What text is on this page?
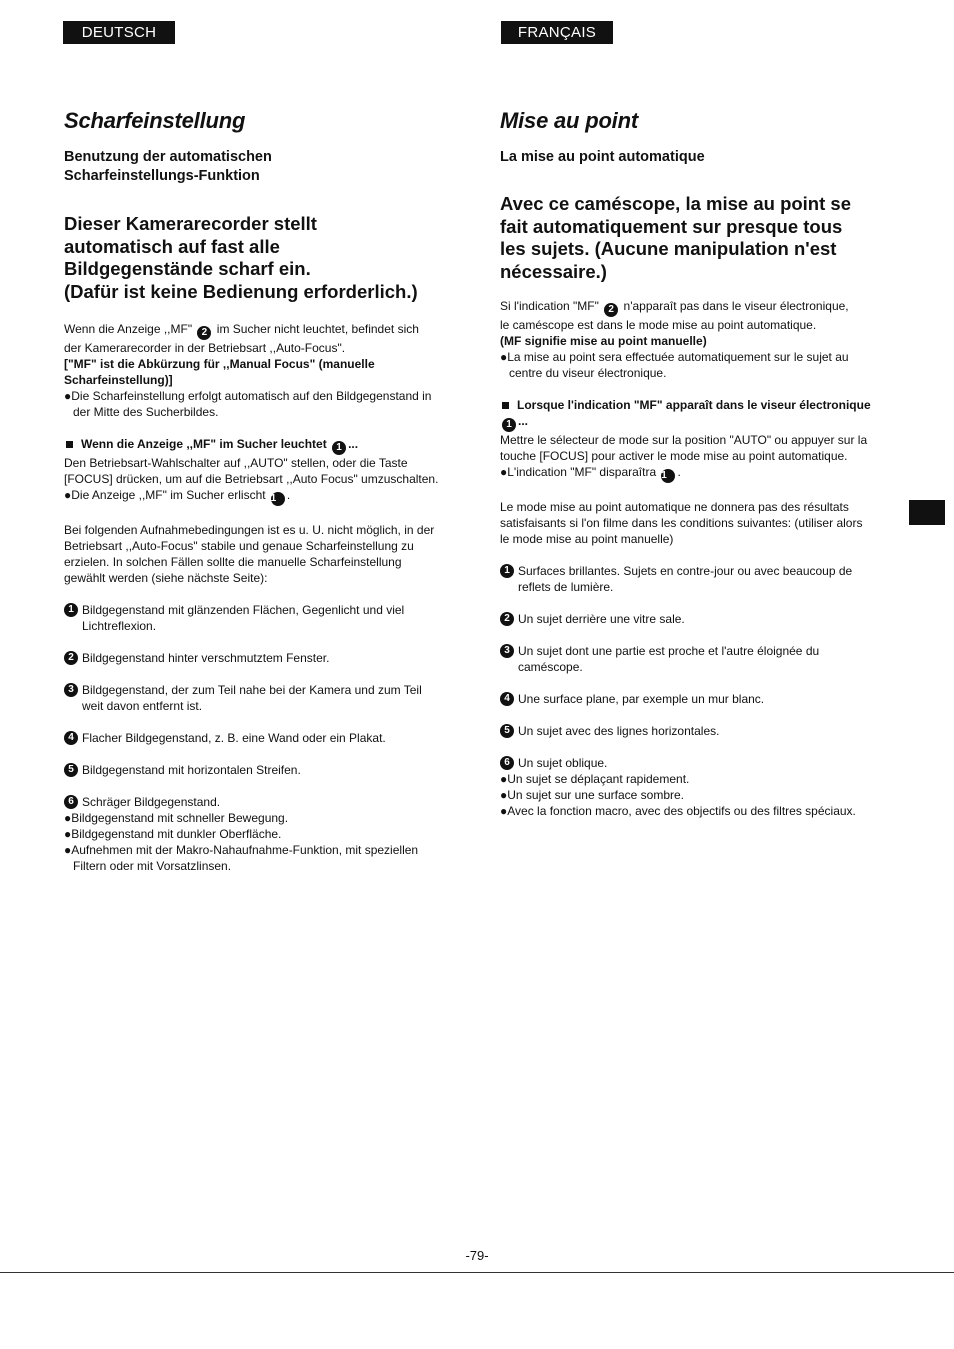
DEUTSCH	FRANÇAIS
Scharfeinstellung
Benutzung der automatischen
Scharfeinstellungs-Funktion

Dieser Kamerarecorder stellt

automatisch auf fast alle

Bildgegenstände scharf ein.

(Dafür ist keine Bedienung erforderlich.)

Wenn die Anzeige ,,MF" 2 im Sucher nicht leuchtet, befindet sich

der Kamerarecorder in der Betriebsart ,,Auto-Focus".

["MF" ist die Abkürzung für ,,Manual Focus" (manuelle Scharfeinstellung)]

●Die Scharfeinstellung erfolgt automatisch auf den Bildgegenstand in der Mitte des Sucherbildes.

Wenn die Anzeige ,,MF" im Sucher leuchtet 1 ...

Den Betriebsart-Wahlschalter auf ,,AUTO" stellen, oder die Taste [FOCUS] drücken, um auf die Betriebsart ,,Auto Focus" umzuschalten.

●Die Anzeige ,,MF" im Sucher erlischt 1 .

Bei folgenden Aufnahmebedingungen ist es u. U. nicht möglich, in der Betriebsart ,,Auto-Focus" stabile und genaue Scharfeinstellung zu erzielen. In solchen Fällen sollte die manuelle Scharfeinstellung gewählt werden (siehe nächste Seite):

1 Bildgegenstand mit glänzenden Flächen, Gegenlicht und viel Lichtreflexion.
2 Bildgegenstand hinter verschmutztem Fenster.
3 Bildgegenstand, der zum Teil nahe bei der Kamera und zum Teil weit davon entfernt ist.
4 Flacher Bildgegenstand, z. B. eine Wand oder ein Plakat.
5 Bildgegenstand mit horizontalen Streifen.
6 Schräger Bildgegenstand.

●Bildgegenstand mit schneller Bewegung.

●Bildgegenstand mit dunkler Oberfläche.

●Aufnehmen mit der Makro-Nahaufnahme-Funktion, mit speziellen Filtern oder mit Vorsatzlinsen.

Mise au point
La mise au point automatique

Avec ce caméscope, la mise au point se

fait automatiquement sur presque tous

les sujets. (Aucune manipulation n'est

nécessaire.)

Si l'indication "MF" 2 n'apparaît pas dans le viseur électronique,

le caméscope est dans le mode mise au point automatique.

(MF signifie mise au point manuelle)

●La mise au point sera effectuée automatiquement sur le sujet au centre du viseur électronique.

Lorsque l'indication "MF" apparaît dans le viseur électronique 1 ...

Mettre le sélecteur de mode sur la position "AUTO" ou appuyer sur la touche [FOCUS] pour activer le mode mise au point automatique.

●L'indication "MF" disparaîtra 1 .

Le mode mise au point automatique ne donnera pas des résultats satisfaisants si l'on filme dans les conditions suivantes: (utiliser alors le mode mise au point manuelle)

1 Surfaces brillantes. Sujets en contre-jour ou avec beaucoup de reflets de lumière.
2 Un sujet derrière une vitre sale.
3 Un sujet dont une partie est proche et l'autre éloignée du caméscope.
4 Une surface plane, par exemple un mur blanc.
5 Un sujet avec des lignes horizontales.
6 Un sujet oblique.

●Un sujet se déplaçant rapidement.

●Un sujet sur une surface sombre.

●Avec la fonction macro, avec des objectifs ou des filtres spéciaux.

-79-
